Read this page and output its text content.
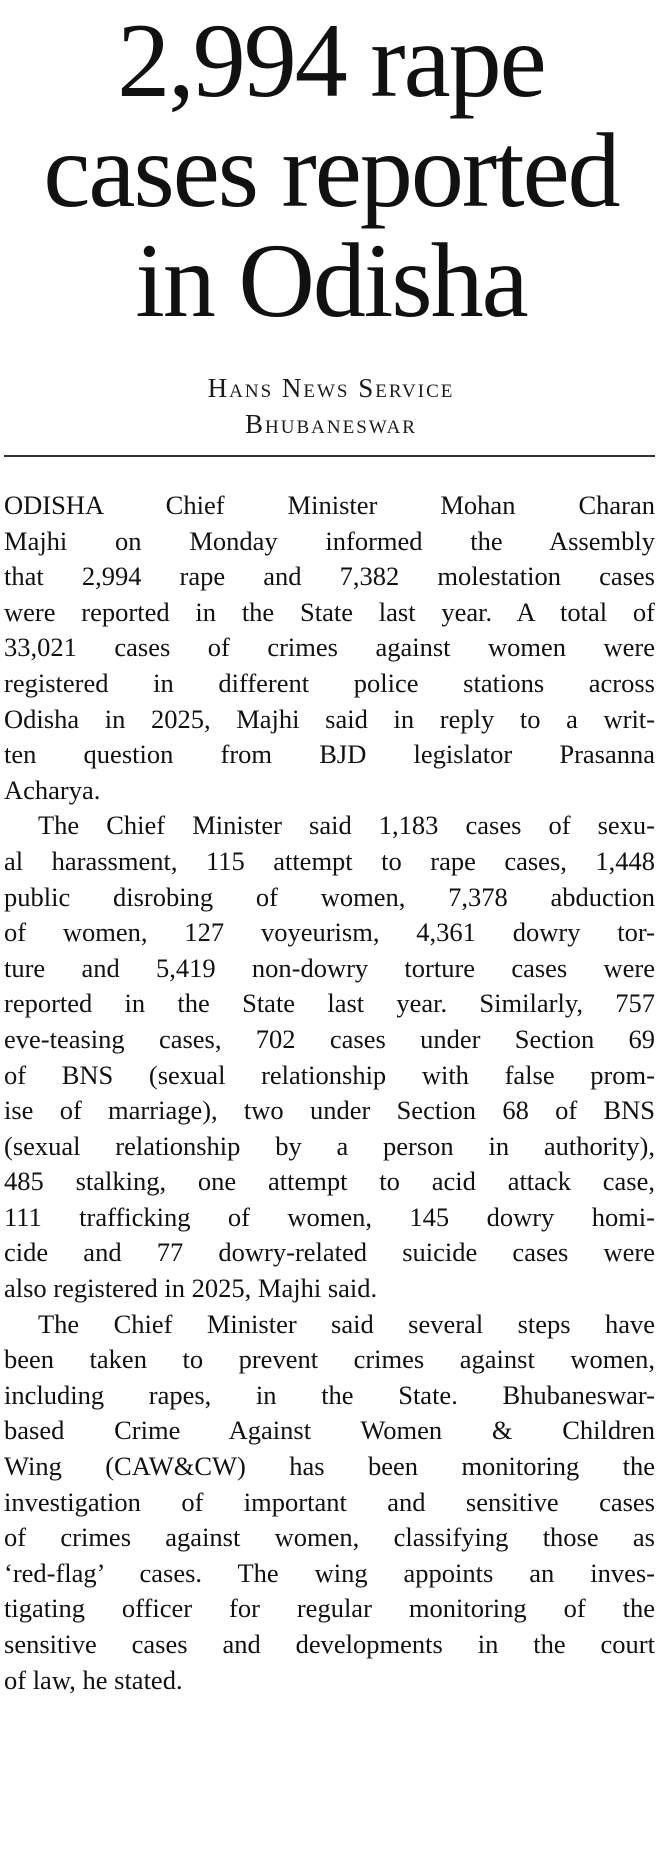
2,994 rape
cases reported
in Odisha
Hans News Service
Bhubaneswar

ODISHA Chief Minister Mohan Charan
Majhi on Monday informed the Assembly
that 2,994 rape and 7,382 molestation cases
were reported in the State last year. A total of
33,021 cases of crimes against women were
registered in different police stations across
Odisha in 2025, Majhi said in reply to a writ-
ten question from BJD legislator Prasanna
Acharya.

The Chief Minister said 1,183 cases of sexu-
al harassment, 115 attempt to rape cases, 1,448
public disrobing of women, 7,378 abduction
of women, 127 voyeurism, 4,361 dowry tor-
ture and 5,419 non-dowry torture cases were
reported in the State last year. Similarly, 757
eve-teasing cases, 702 cases under Section 69
of BNS (sexual relationship with false prom-
ise of marriage), two under Section 68 of BNS
(sexual relationship by a person in authority),
485 stalking, one attempt to acid attack case,
111 trafficking of women, 145 dowry homi-
cide and 77 dowry-related suicide cases were
also registered in 2025, Majhi said.

The Chief Minister said several steps have
been taken to prevent crimes against women,
including rapes, in the State. Bhubaneswar-
based Crime Against Women & Children
Wing (CAW&CW) has been monitoring the
investigation of important and sensitive cases
of crimes against women, classifying those as
‘red-flag’ cases. The wing appoints an inves-
tigating officer for regular monitoring of the
sensitive cases and developments in the court
of law, he stated.
